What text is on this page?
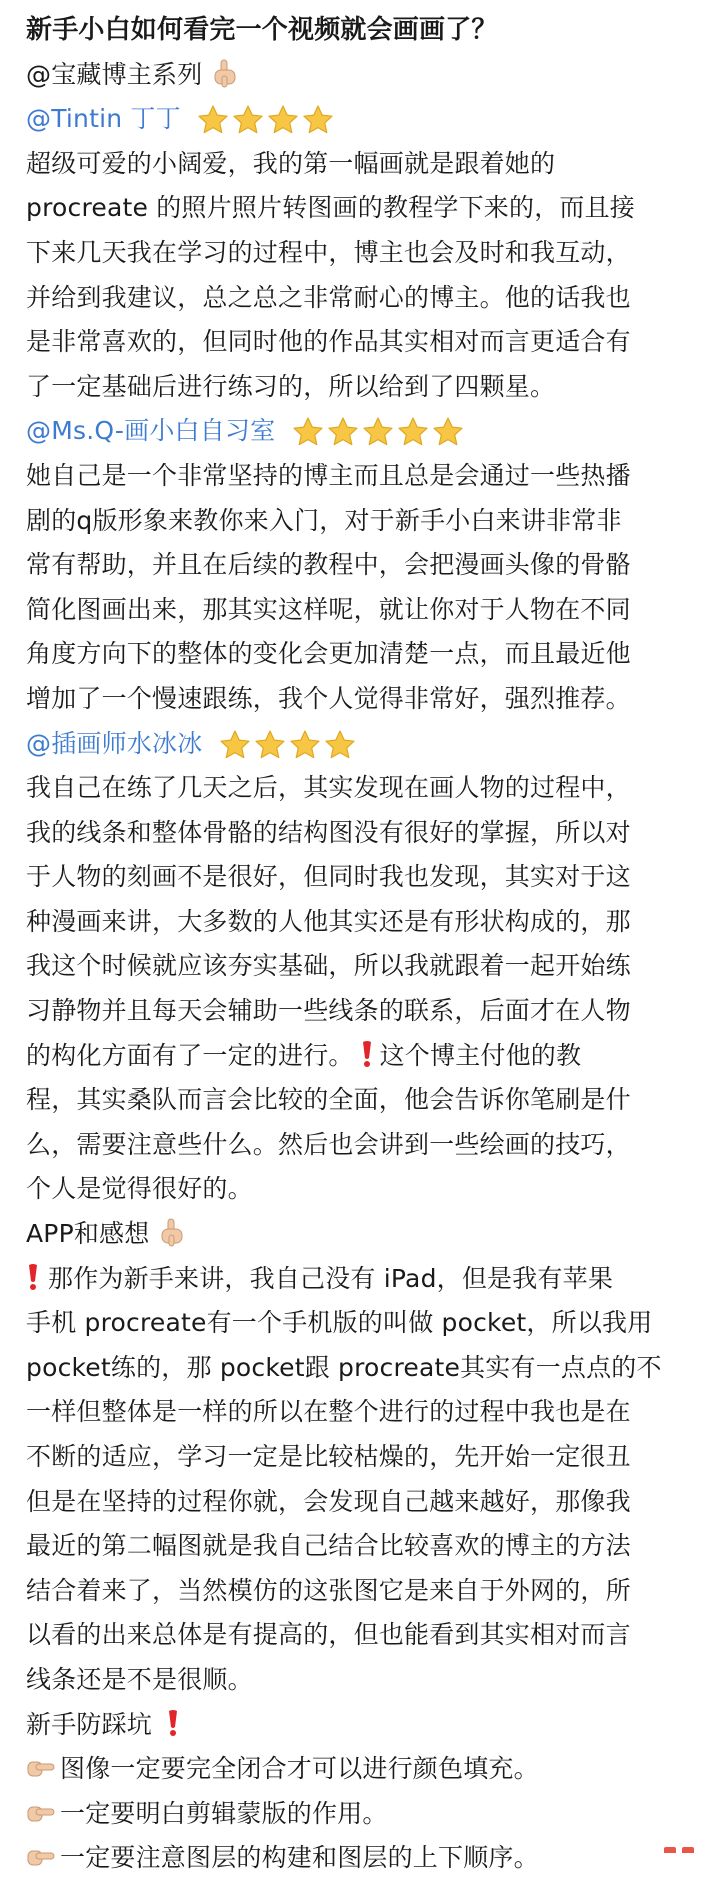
新手小白如何看完一个视频就会画画了？
@宝藏博主系列
@Tintin 丁丁
超级可爱的小阔爱，我的第一幅画就是跟着她的
procreate 的照片照片转图画的教程学下来的，而且接
下来几天我在学习的过程中，博主也会及时和我互动，
并给到我建议，总之总之非常耐心的博主。他的话我也
是非常喜欢的，但同时他的作品其实相对而言更适合有
了一定基础后进行练习的，所以给到了四颗星。
@Ms.Q-画小白自习室
她自己是一个非常坚持的博主而且总是会通过一些热播
剧的q版形象来教你来入门，对于新手小白来讲非常非
常有帮助，并且在后续的教程中，会把漫画头像的骨骼
简化图画出来，那其实这样呢，就让你对于人物在不同
角度方向下的整体的变化会更加清楚一点，而且最近他
增加了一个慢速跟练，我个人觉得非常好，强烈推荐。
@插画师水冰冰
我自己在练了几天之后，其实发现在画人物的过程中，
我的线条和整体骨骼的结构图没有很好的掌握，所以对
于人物的刻画不是很好，但同时我也发现，其实对于这
种漫画来讲，大多数的人他其实还是有形状构成的，那
我这个时候就应该夯实基础，所以我就跟着一起开始练
习静物并且每天会辅助一些线条的联系，后面才在人物
的构化方面有了一定的进行。 这个博主付他的教
程，其实桑队而言会比较的全面，他会告诉你笔刷是什
么，需要注意些什么。然后也会讲到一些绘画的技巧，
个人是觉得很好的。
APP和感想
那作为新手来讲，我自己没有 iPad，但是我有苹果
手机 procreate有一个手机版的叫做 pocket，所以我用
pocket练的，那 pocket跟 procreate其实有一点点的不
一样但整体是一样的所以在整个进行的过程中我也是在
不断的适应，学习一定是比较枯燥的，先开始一定很丑
但是在坚持的过程你就，会发现自己越来越好，那像我
最近的第二幅图就是我自己结合比较喜欢的博主的方法
结合着来了，当然模仿的这张图它是来自于外网的，所
以看的出来总体是有提高的，但也能看到其实相对而言
线条还是不是很顺。
新手防踩坑
图像一定要完全闭合才可以进行颜色填充。
一定要明白剪辑蒙版的作用。
一定要注意图层的构建和图层的上下顺序。
